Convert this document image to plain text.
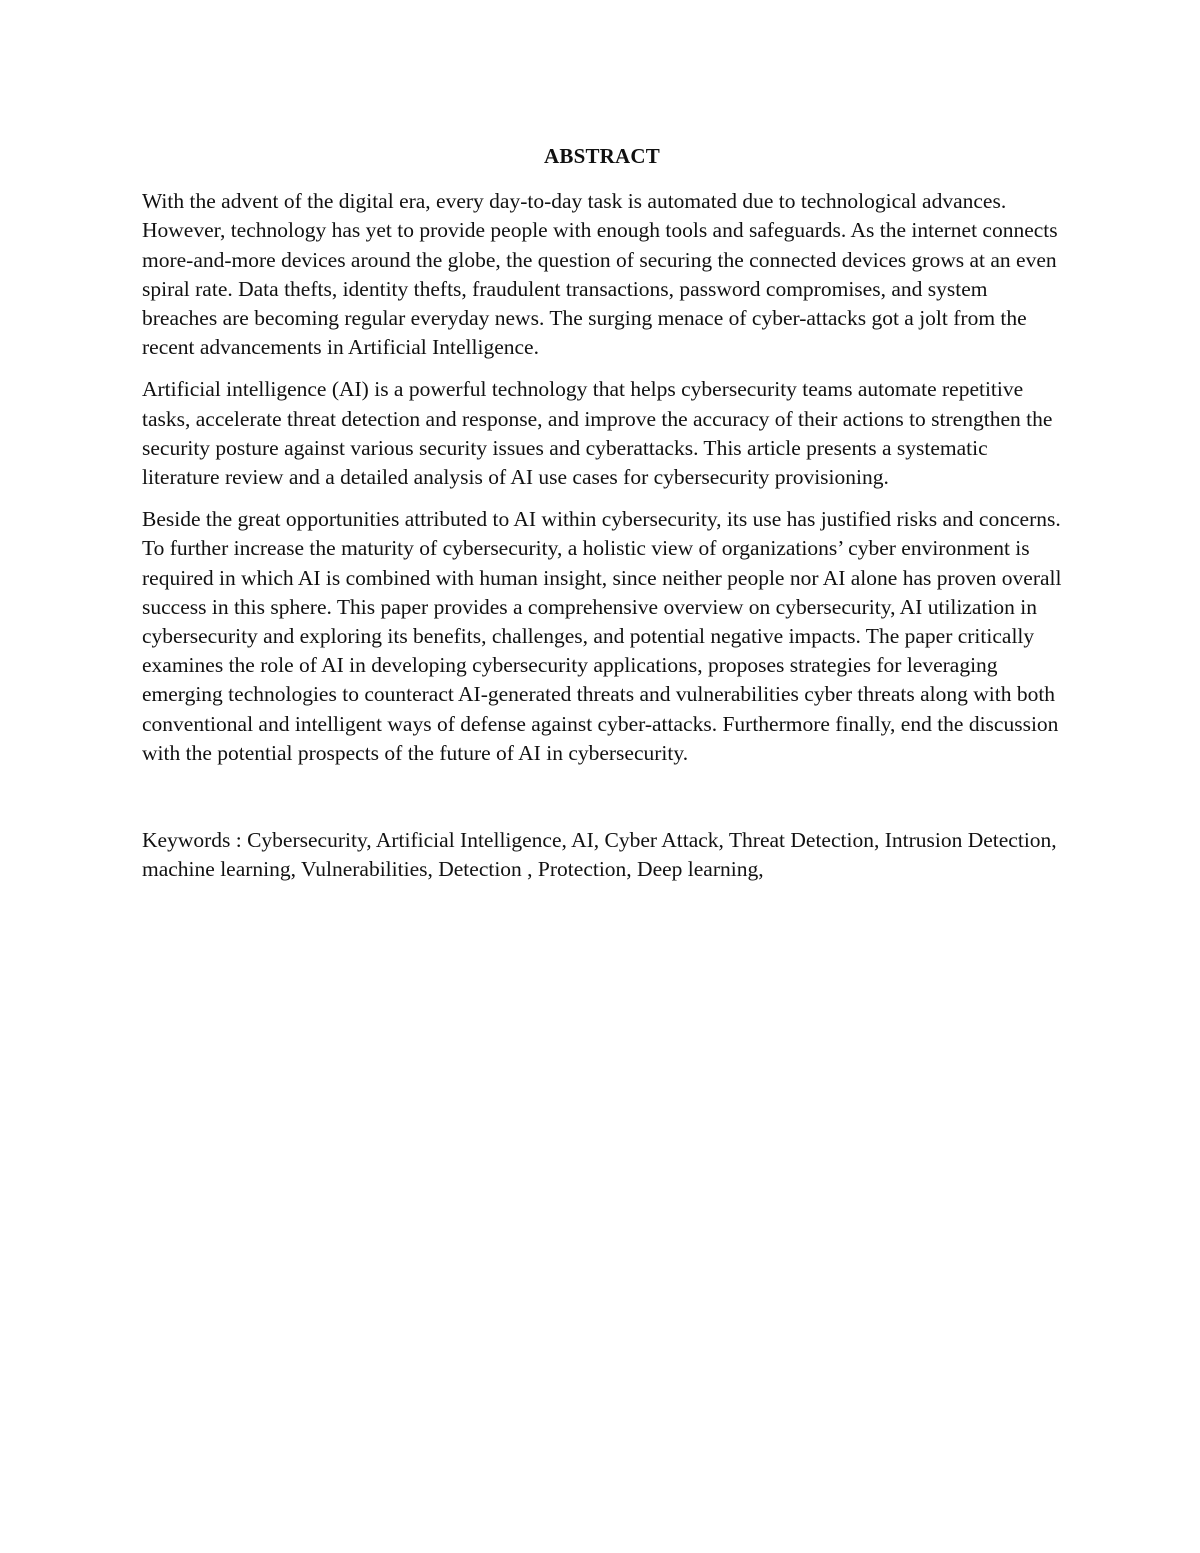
ABSTRACT

With the advent of the digital era, every day-to-day task is automated due to technological advances. However, technology has yet to provide people with enough tools and safeguards. As the internet connects more-and-more devices around the globe, the question of securing the connected devices grows at an even spiral rate. Data thefts, identity thefts, fraudulent transactions, password compromises, and system breaches are becoming regular everyday news. The surging menace of cyber-attacks got a jolt from the recent advancements in Artificial Intelligence.

Artificial intelligence (AI) is a powerful technology that helps cybersecurity teams automate repetitive tasks, accelerate threat detection and response, and improve the accuracy of their actions to strengthen the security posture against various security issues and cyberattacks. This article presents a systematic literature review and a detailed analysis of AI use cases for cybersecurity provisioning.

Beside the great opportunities attributed to AI within cybersecurity, its use has justified risks and concerns. To further increase the maturity of cybersecurity, a holistic view of organizations’ cyber environment is required in which AI is combined with human insight, since neither people nor AI alone has proven overall success in this sphere. This paper provides a comprehensive overview on cybersecurity, AI utilization in cybersecurity and exploring its benefits, challenges, and potential negative impacts. The paper critically examines the role of AI in developing cybersecurity applications, proposes strategies for leveraging emerging technologies to counteract AI-generated threats and vulnerabilities cyber threats along with both conventional and intelligent ways of defense against cyber-attacks. Furthermore finally, end the discussion with the potential prospects of the future of AI in cybersecurity.

Keywords : Cybersecurity, Artificial Intelligence, AI, Cyber Attack, Threat Detection, Intrusion Detection, machine learning, Vulnerabilities, Detection , Protection, Deep learning,
